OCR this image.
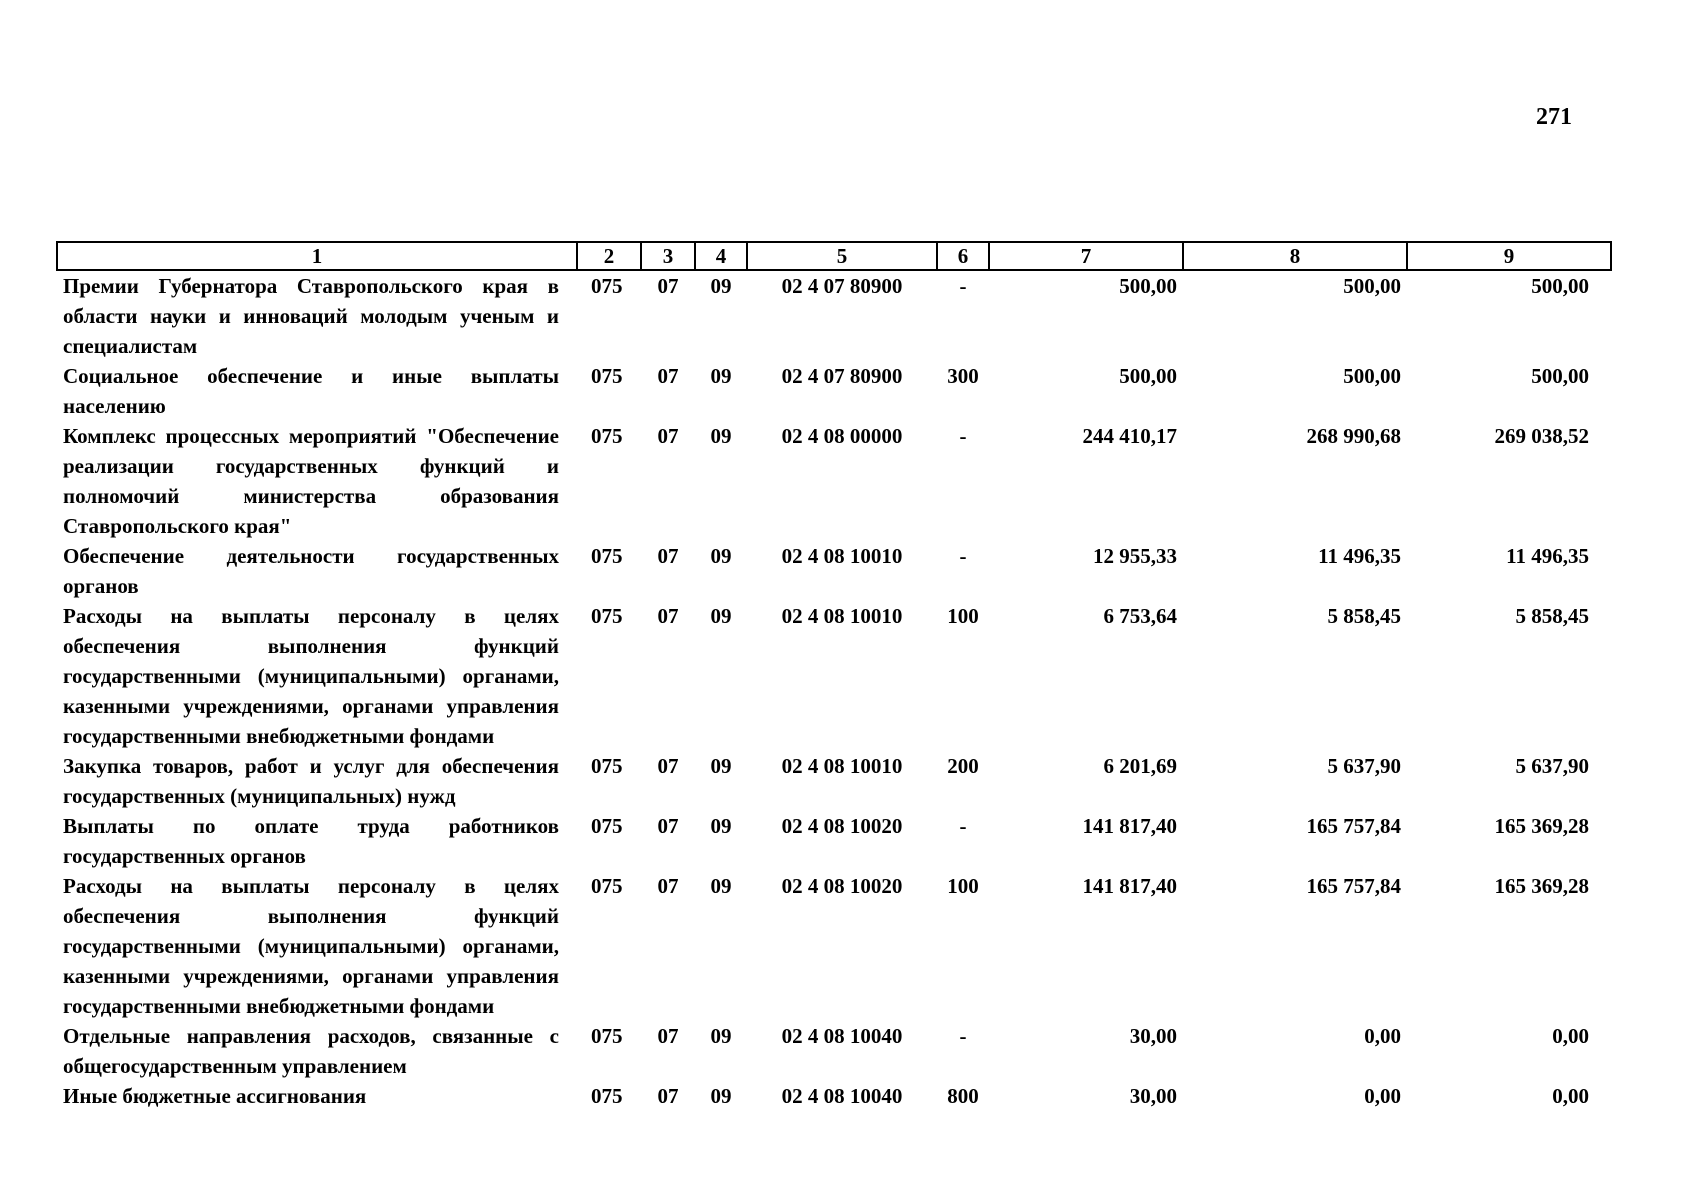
271
1	2	3	4	5	6	7	8	9
Премии Губернатора Ставропольского края в области науки и инноваций молодым ученым и специалистам	075	07	09	02 4 07 80900	-	500,00	500,00	500,00
Социальное обеспечение и иные выплаты населению	075	07	09	02 4 07 80900	300	500,00	500,00	500,00
Комплекс процессных мероприятий "Обеспечение реализации государственных функций и полномочий министерства образования Ставропольского края"	075	07	09	02 4 08 00000	-	244 410,17	268 990,68	269 038,52
Обеспечение деятельности государственных органов	075	07	09	02 4 08 10010	-	12 955,33	11 496,35	11 496,35
Расходы на выплаты персоналу в целях обеспечения выполнения функций государственными (муниципальными) органами, казенными учреждениями, органами управления государственными внебюджетными фондами	075	07	09	02 4 08 10010	100	6 753,64	5 858,45	5 858,45
Закупка товаров, работ и услуг для обеспечения государственных (муниципальных) нужд	075	07	09	02 4 08 10010	200	6 201,69	5 637,90	5 637,90
Выплаты по оплате труда работников государственных органов	075	07	09	02 4 08 10020	-	141 817,40	165 757,84	165 369,28
Расходы на выплаты персоналу в целях обеспечения выполнения функций государственными (муниципальными) органами, казенными учреждениями, органами управления государственными внебюджетными фондами	075	07	09	02 4 08 10020	100	141 817,40	165 757,84	165 369,28
Отдельные направления расходов, связанные с общегосударственным управлением	075	07	09	02 4 08 10040	-	30,00	0,00	0,00
Иные бюджетные ассигнования	075	07	09	02 4 08 10040	800	30,00	0,00	0,00
